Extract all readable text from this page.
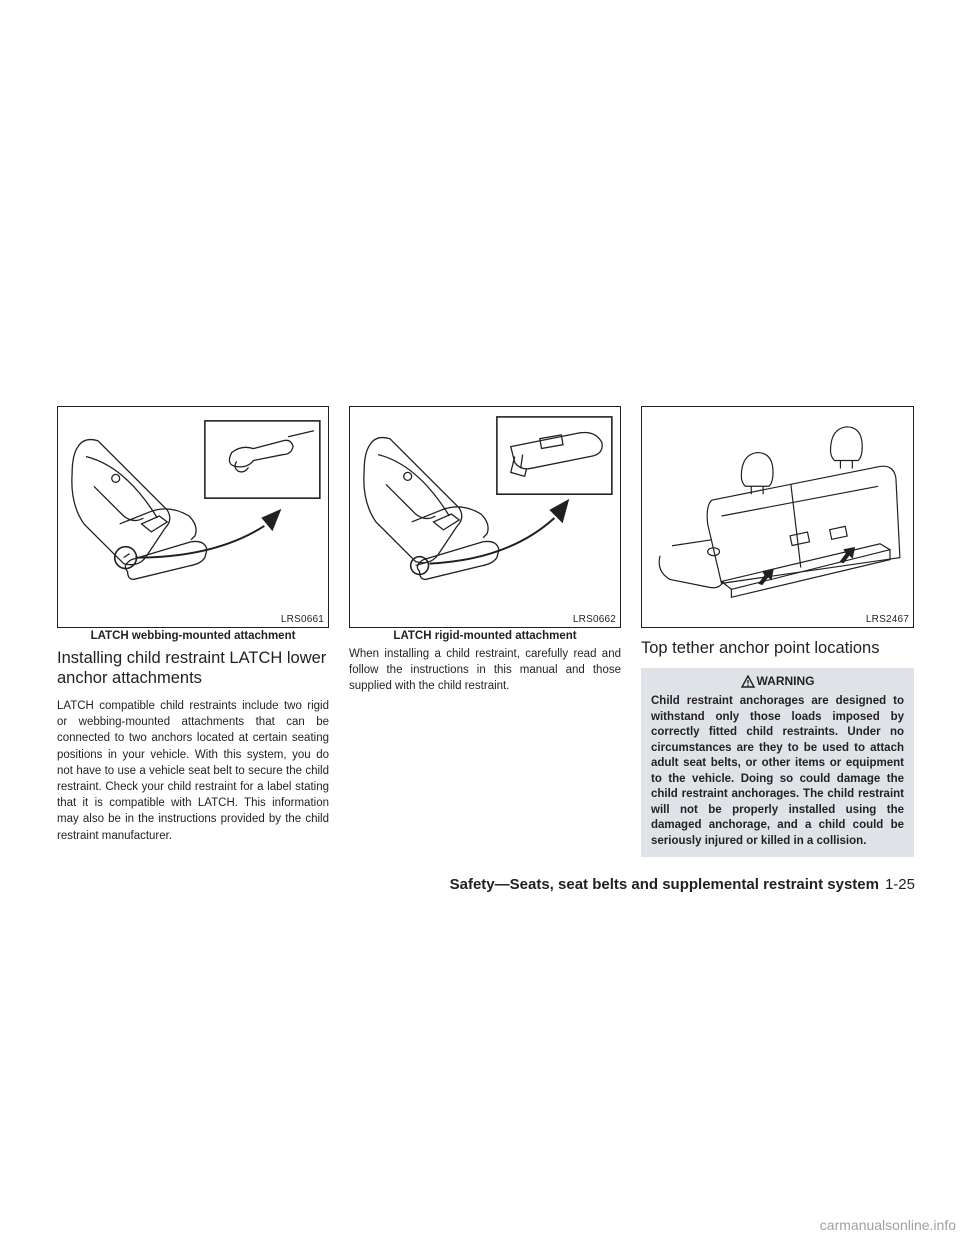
LRS0661
LATCH webbing-mounted attachment
Installing child restraint LATCH lower anchor attachments

LATCH compatible child restraints include two rigid or webbing-mounted attachments that can be connected to two anchors located at certain seating positions in your vehicle. With this system, you do not have to use a vehicle seat belt to secure the child restraint. Check your child restraint for a label stating that it is compatible with LATCH. This information may also be in the instructions provided by the child restraint manufacturer.

LRS0662
LATCH rigid-mounted attachment

When installing a child restraint, carefully read and follow the instructions in this manual and those supplied with the child restraint.

LRS2467
Top tether anchor point locations
WARNING

Child restraint anchorages are designed to withstand only those loads imposed by correctly fitted child restraints. Under no circumstances are they to be used to attach adult seat belts, or other items or equipment to the vehicle. Doing so could damage the child restraint anchorages. The child restraint will not be properly installed using the damaged anchorage, and a child could be seriously injured or killed in a collision.

Safety—Seats, seat belts and supplemental restraint system 1-25
carmanualsonline.info
